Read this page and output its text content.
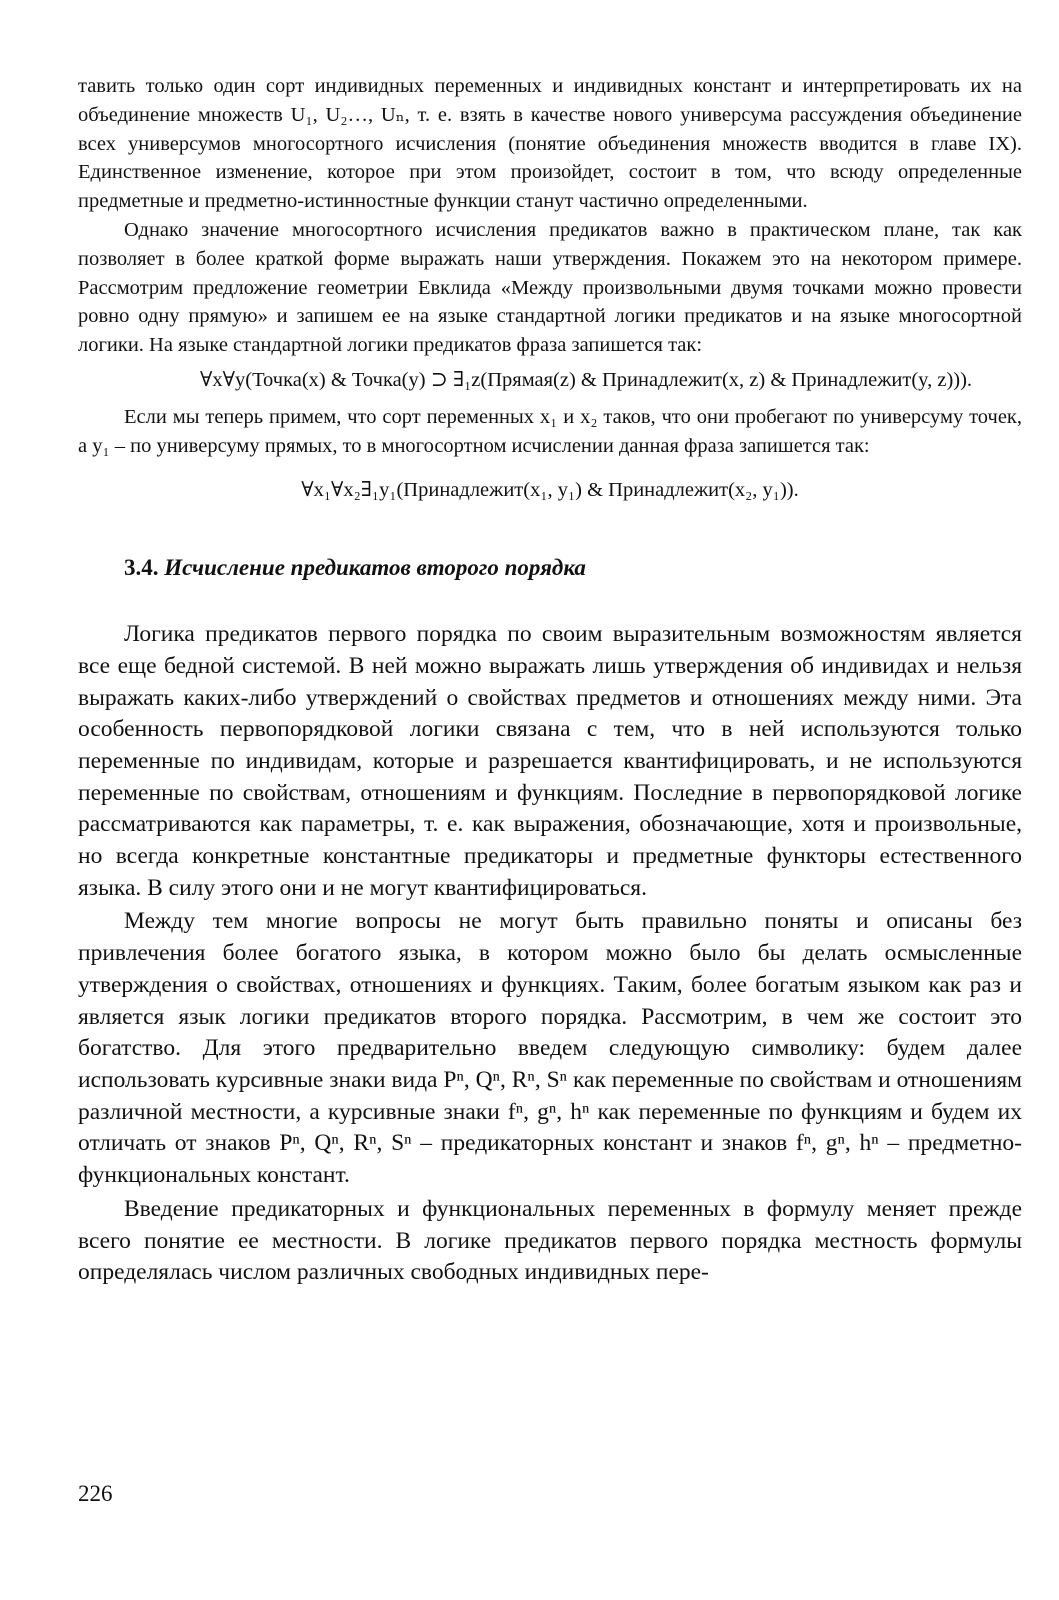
тавить только один сорт индивидных переменных и индивидных констант и интерпретировать их на объединение множеств U₁, U₂…, Uₙ, т. е. взять в качестве нового универсума рассуждения объединение всех универсумов многосортного исчисления (понятие объединения множеств вводится в главе IX). Единственное изменение, которое при этом произойдет, состоит в том, что всюду определенные предметные и предметно-истинностные функции станут частично определенными.

Однако значение многосортного исчисления предикатов важно в практическом плане, так как позволяет в более краткой форме выражать наши утверждения. Покажем это на некотором примере. Рассмотрим предложение геометрии Евклида «Между произвольными двумя точками можно провести ровно одну прямую» и запишем ее на языке стандартной логики предикатов и на языке многосортной логики. На языке стандартной логики предикатов фраза запишется так:

∀x∀y(Точка(x) & Точка(y) ⊃ ∃₁z(Прямая(z) & Принадлежит(x, z) & Принадлежит(y, z))).

Если мы теперь примем, что сорт переменных x₁ и x₂ таков, что они пробегают по универсуму точек, а y₁ – по универсуму прямых, то в многосортном исчислении данная фраза запишется так:

∀x₁∀x₂∃₁y₁(Принадлежит(x₁, y₁) & Принадлежит(x₂, y₁)).

3.4. Исчисление предикатов второго порядка

Логика предикатов первого порядка по своим выразительным возможностям является все еще бедной системой. В ней можно выражать лишь утверждения об индивидах и нельзя выражать каких-либо утверждений о свойствах предметов и отношениях между ними. Эта особенность первопорядковой логики связана с тем, что в ней используются только переменные по индивидам, которые и разрешается квантифицировать, и не используются переменные по свойствам, отношениям и функциям. Последние в первопорядковой логике рассматриваются как параметры, т. е. как выражения, обозначающие, хотя и произвольные, но всегда конкретные константные предикаторы и предметные функторы естественного языка. В силу этого они и не могут квантифицироваться.

Между тем многие вопросы не могут быть правильно поняты и описаны без привлечения более богатого языка, в котором можно было бы делать осмысленные утверждения о свойствах, отношениях и функциях. Таким, более богатым языком как раз и является язык логики предикатов второго порядка. Рассмотрим, в чем же состоит это богатство. Для этого предварительно введем следующую символику: будем далее использовать курсивные знаки вида Pⁿ, Qⁿ, Rⁿ, Sⁿ как переменные по свойствам и отношениям различной местности, а курсивные знаки fⁿ, gⁿ, hⁿ как переменные по функциям и будем их отличать от знаков Pⁿ, Qⁿ, Rⁿ, Sⁿ – предикаторных констант и знаков fⁿ, gⁿ, hⁿ – предметно-функциональных констант.

Введение предикаторных и функциональных переменных в формулу меняет прежде всего понятие ее местности. В логике предикатов первого порядка местность формулы определялась числом различных свободных индивидных пере-

226
